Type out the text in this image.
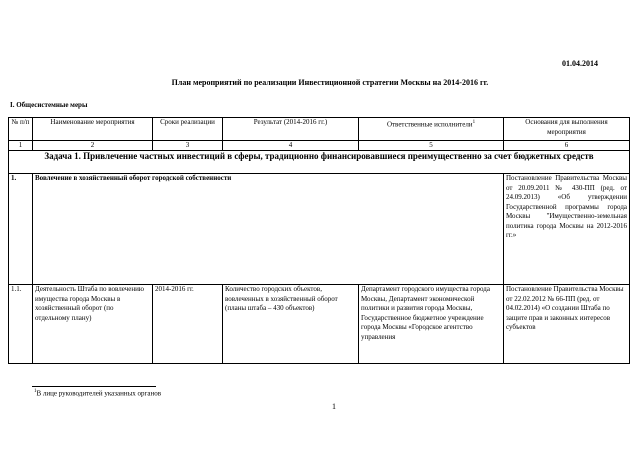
01.04.2014
План мероприятий по реализации Инвестиционной стратегии Москвы на 2014-2016 гг.
I. Общесистемные меры
№ п/п	Наименование мероприятия	Сроки реализации	Результат (2014-2016 гг.)	Ответственные исполнители$^1$	Основания для выполнения мероприятия
1	2	3	4	5	6
Задача 1. Привлечение частных инвестиций в сферы, традиционно финансировавшиеся преимущественно за счет бюджетных средств					
1.	Вовлечение в хозяйственный оборот городской собственности				Постановление Правительства Москвы от 20.09.2011 № 430-ПП (ред. от 24.09.2013) «Об утверждении Государственной программы города Москвы "Имущественно-земельная политика города Москвы на 2012-2016 гг.»
1.1.	Деятельность Штаба по вовлечению имущества города Москвы в хозяйственный оборот (по отдельному плану)	2014-2016 гг.	Количество городских объектов, вовлеченных в хозяйственный оборот (планы штаба – 430 объектов)	Департамент городского имущества города Москвы, Департамент экономической политики и развития города Москвы, Государственное бюджетное учреждение города Москвы «Городское агентство управления	Постановление Правительства Москвы от 22.02.2012 № 66-ПП (ред. от 04.02.2014) «О создании Штаба по защите прав и законных интересов субъектов
$^1$В лице руководителей указанных органов
1
